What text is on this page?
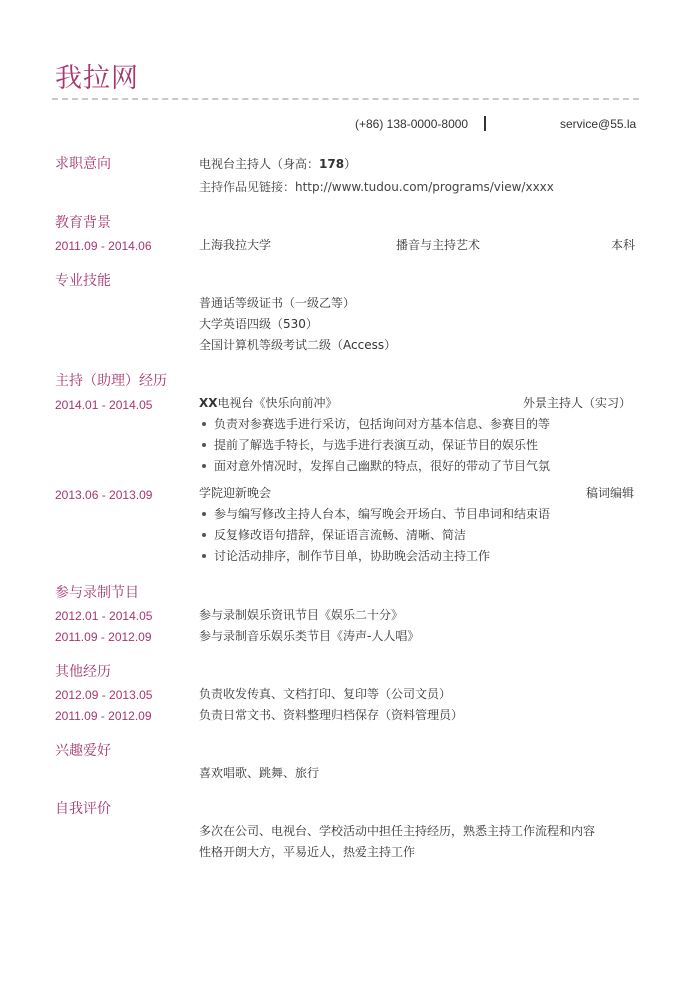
我拉网
(+86) 138-0000-8000	service@55.la
求职意向	电视台主持人（身高：178）
主持作品见链接：http://www.tudou.com/programs/view/xxxx
教育背景
2011.09 - 2014.06	上海我拉大学	播音与主持艺术	本科
专业技能
普通话等级证书（一级乙等）
大学英语四级（530）
全国计算机等级考试二级（Access）
主持（助理）经历
2014.01 - 2014.05	XX电视台《快乐向前冲》	外景主持人（实习）
负责对参赛选手进行采访，包括询问对方基本信息、参赛目的等
提前了解选手特长，与选手进行表演互动，保证节目的娱乐性
面对意外情况时，发挥自己幽默的特点，很好的带动了节目气氛
2013.06 - 2013.09	学院迎新晚会	稿词编辑
参与编写修改主持人台本，编写晚会开场白、节目串词和结束语
反复修改语句措辞，保证语言流畅、清晰、简洁
讨论活动排序，制作节目单，协助晚会活动主持工作
参与录制节目
2012.01 - 2014.05	参与录制娱乐资讯节目《娱乐二十分》
2011.09 - 2012.09	参与录制音乐娱乐类节目《涛声-人人唱》
其他经历
2012.09 - 2013.05	负责收发传真、文档打印、复印等（公司文员）
2011.09 - 2012.09	负责日常文书、资料整理归档保存（资料管理员）
兴趣爱好
喜欢唱歌、跳舞、旅行
自我评价
多次在公司、电视台、学校活动中担任主持经历，熟悉主持工作流程和内容
性格开朗大方，平易近人，热爱主持工作
